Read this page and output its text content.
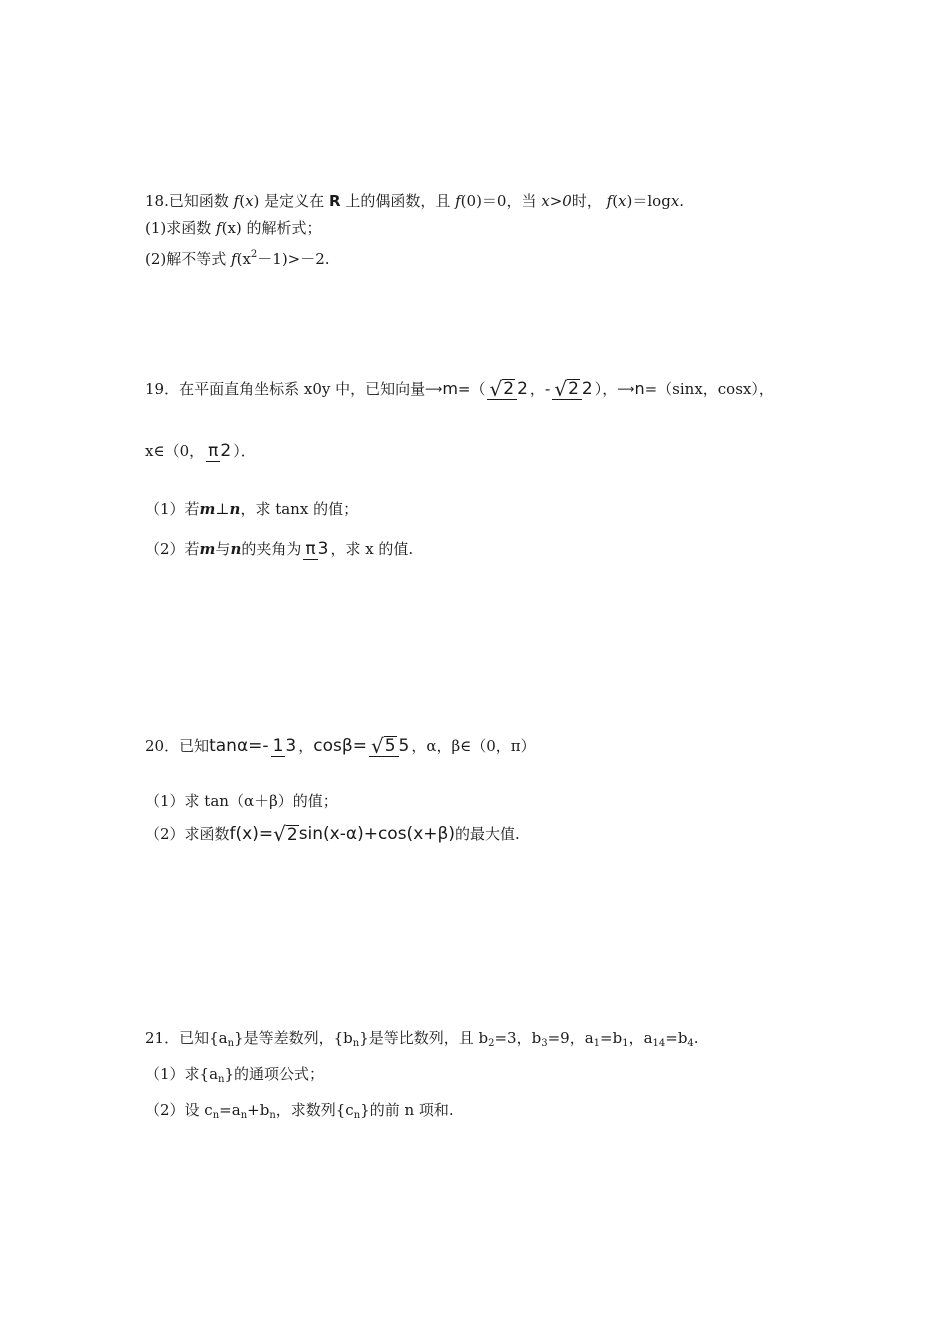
18.已知函数 f(x) 是定义在 R 上的偶函数，且 f(0)＝0，当 x>0时， f(x)＝logx.
(1)求函数 f(x) 的解析式；
(2)解不等式 $f(x^2-1)>-2$.
19．在平面直角坐标系 x0y 中，已知向量⟶m=（ √2 2 ，- √2 2 ），⟶n=（sinx，cosx），
x∈（0， π 2 ）．
（1）若m⊥n，求 tanx 的值；
（2）若m与n的夹角为 π 3 ，求 x 的值.
20．已知tanα=- 1 3 ，cosβ= √5 5 ，α，β∈（0，π）
（1）求 tan（α＋β）的值；
（2）求函数f(x)=√2sin(x-α)+cos(x+β)的最大值.
21．已知$\{a_n\}$是等差数列，$\{b_n\}$是等比数列，且 $b_2=3$，$b_3=9$，$a_1=b_1$，$a_{14}=b_4$.
（1）求$\{a_n\}$的通项公式；
（2）设 $c_n=a_n+b_n$，求数列$\{c_n\}$的前 n 项和.
